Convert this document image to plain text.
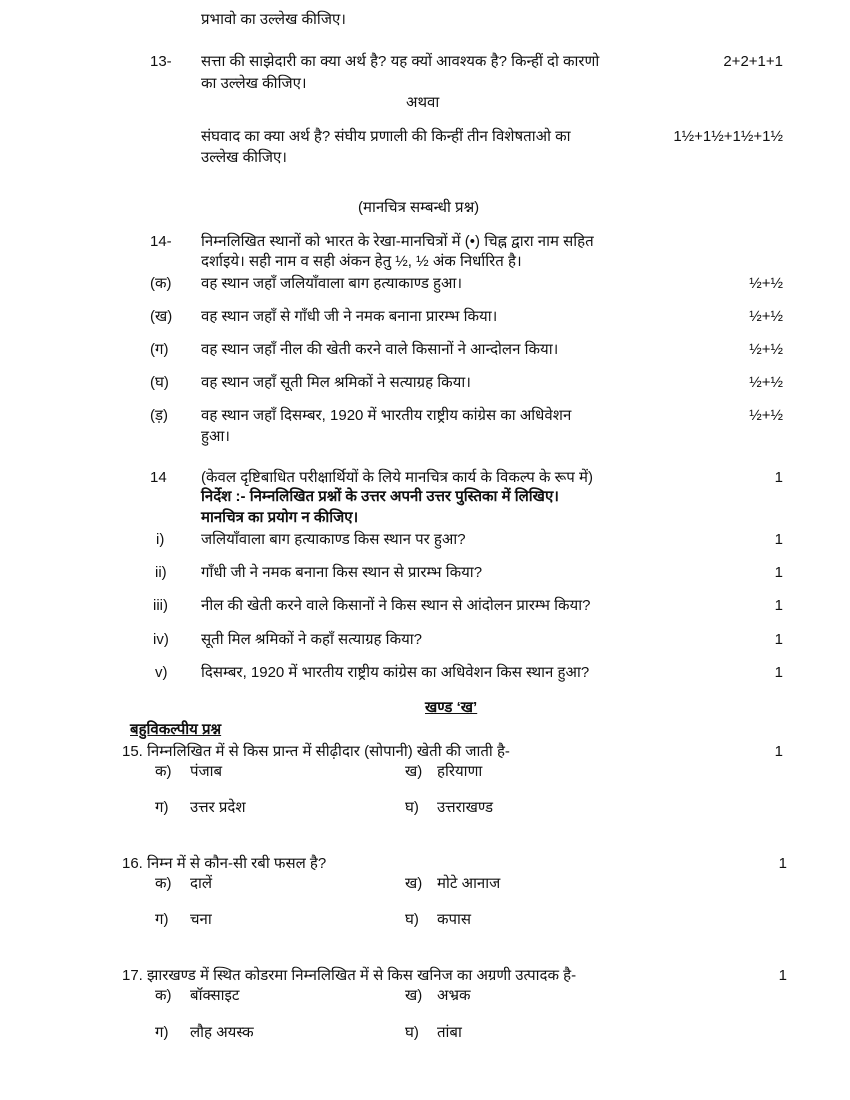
प्रभावो का उल्लेख कीजिए।
13- सत्ता की साझेदारी का क्या अर्थ है? यह क्यों आवश्यक है? किन्हीं दो कारणो	2+2+1+1
का उल्लेख कीजिए।
अथवा
संघवाद का क्या अर्थ है? संघीय प्रणाली की किन्हीं तीन विशेषताओ का	1½+1½+1½+1½
उल्लेख कीजिए।
(मानचित्र सम्बन्धी प्रश्न)
14- निम्नलिखित स्थानों को भारत के रेखा-मानचित्रों में (•) चिह्न द्वारा नाम सहित
दर्शाइये। सही नाम व सही अंकन हेतु ½, ½ अंक निर्धारित है।
(क) वह स्थान जहाँ जलियाँवाला बाग हत्याकाण्ड हुआ।	½+½
(ख) वह स्थान जहाँ से गाँधी जी ने नमक बनाना प्रारम्भ किया।	½+½
(ग) वह स्थान जहाँ नील की खेती करने वाले किसानों ने आन्दोलन किया।	½+½
(घ) वह स्थान जहाँ सूती मिल श्रमिकों ने सत्याग्रह किया।	½+½
(ड़) वह स्थान जहाँ दिसम्बर, 1920 में भारतीय राष्ट्रीय कांग्रेस का अधिवेशन	½+½
हुआ।
14 (केवल दृष्टिबाधित परीक्षार्थियों के लिये मानचित्र कार्य के विकल्प के रूप में)	1
निर्देश :- निम्नलिखित प्रश्नों के उत्तर अपनी उत्तर पुस्तिका में लिखिए।
मानचित्र का प्रयोग न कीजिए।
i) जलियाँवाला बाग हत्याकाण्ड किस स्थान पर हुआ?	1
ii) गाँधी जी ने नमक बनाना किस स्थान से प्रारम्भ किया?	1
iii) नील की खेती करने वाले किसानों ने किस स्थान से आंदोलन प्रारम्भ किया?	1
iv) सूती मिल श्रमिकों ने कहाँ सत्याग्रह किया?	1
v) दिसम्बर, 1920 में भारतीय राष्ट्रीय कांग्रेस का अधिवेशन किस स्थान हुआ?	1
खण्ड ‘ख’
बहुविकल्पीय प्रश्न
15. निम्नलिखित में से किस प्रान्त में सीढ़ीदार (सोपानी) खेती की जाती है-	1
क) पंजाब	ख) हरियाणा
ग) उत्तर प्रदेश	घ) उत्तराखण्ड
16. निम्न में से कौन-सी रबी फसल है?	1
क) दालें	ख) मोटे आनाज
ग) चना	घ) कपास
17. झारखण्ड में स्थित कोडरमा निम्नलिखित में से किस खनिज का अग्रणी उत्पादक है-	1
क) बॉक्साइट	ख) अभ्रक
ग) लौह अयस्क	घ) तांबा
